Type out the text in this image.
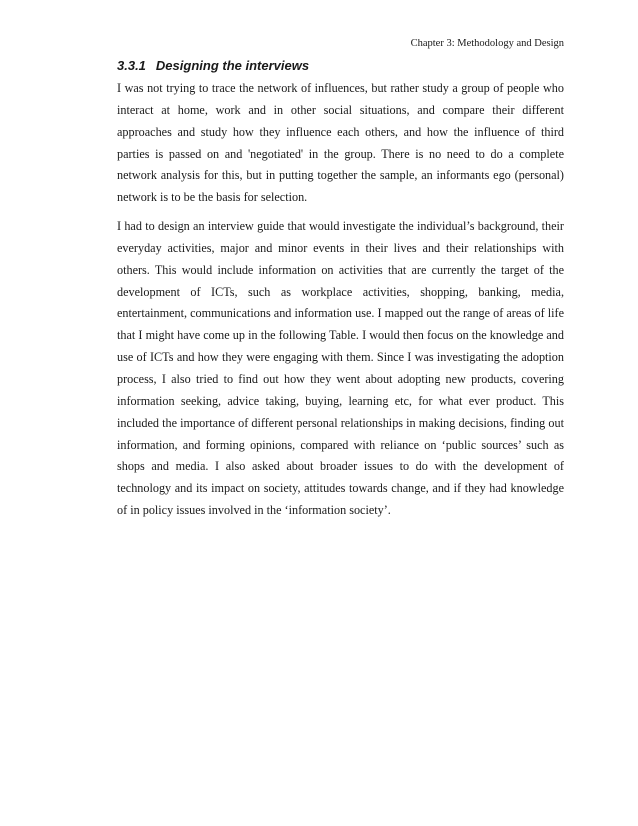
Chapter 3: Methodology and Design
3.3.1 Designing the interviews

I was not trying to trace the network of influences, but rather study a group of people who interact at home, work and in other social situations, and compare their different approaches and study how they influence each others, and how the influence of third parties is passed on and 'negotiated' in the group. There is no need to do a complete network analysis for this, but in putting together the sample, an informants ego (personal) network is to be the basis for selection.

I had to design an interview guide that would investigate the individual’s background, their everyday activities, major and minor events in their lives and their relationships with others. This would include information on activities that are currently the target of the development of ICTs, such as workplace activities, shopping, banking, media, entertainment, communications and information use. I mapped out the range of areas of life that I might have come up in the following Table. I would then focus on the knowledge and use of ICTs and how they were engaging with them. Since I was investigating the adoption process, I also tried to find out how they went about adopting new products, covering information seeking, advice taking, buying, learning etc, for what ever product. This included the importance of different personal relationships in making decisions, finding out information, and forming opinions, compared with reliance on ‘public sources’ such as shops and media. I also asked about broader issues to do with the development of technology and its impact on society, attitudes towards change, and if they had knowledge of in policy issues involved in the ‘information society’.
